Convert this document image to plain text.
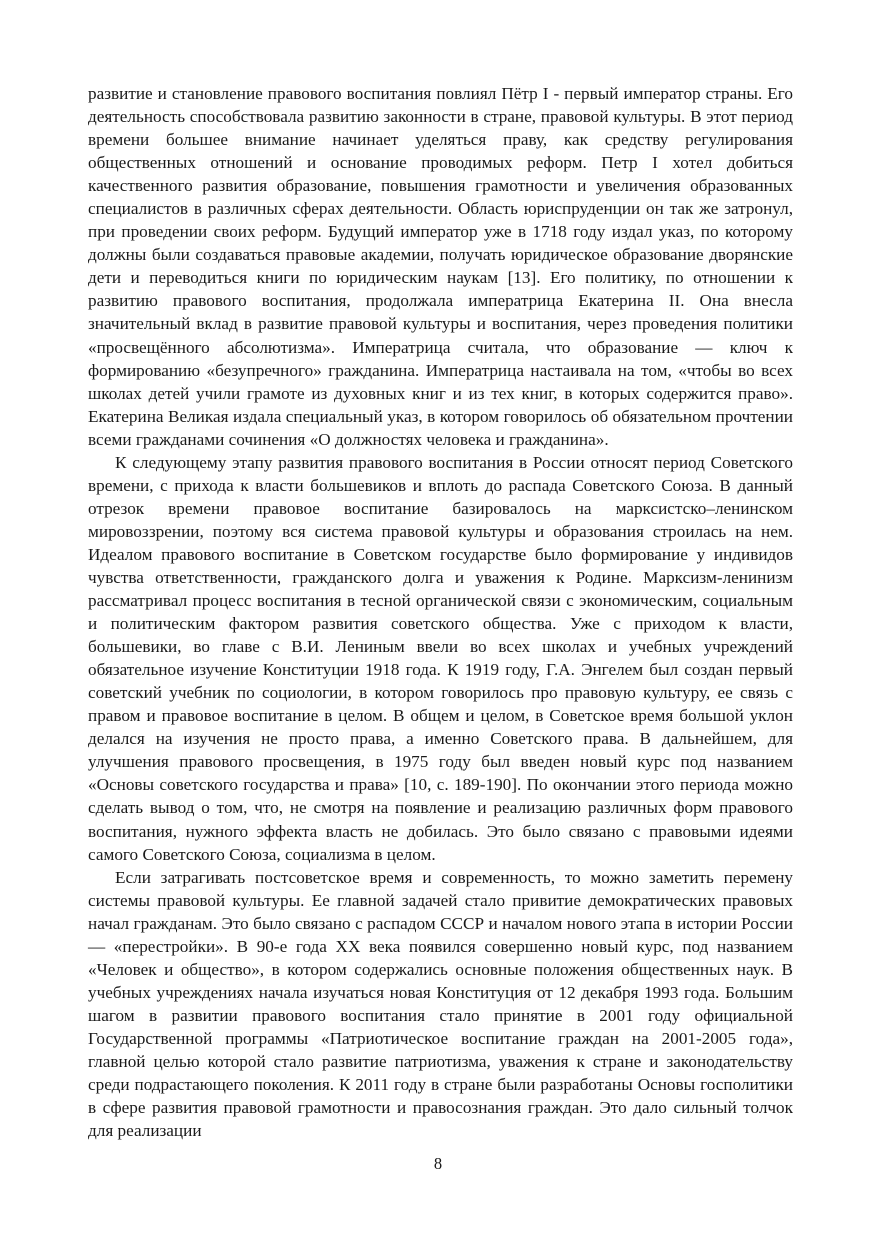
развитие и становление правового воспитания повлиял Пётр I - первый император страны. Его деятельность способствовала развитию законности в стране, правовой культуры. В этот период времени большее внимание начинает уделяться праву, как средству регулирования общественных отношений и основание проводимых реформ. Петр I хотел добиться качественного развития образование, повышения грамотности и увеличения образованных специалистов в различных сферах деятельности. Область юриспруденции он так же затронул, при проведении своих реформ. Будущий император уже в 1718 году издал указ, по которому должны были создаваться правовые академии, получать юридическое образование дворянские дети и переводиться книги по юридическим наукам [13]. Его политику, по отношении к развитию правового воспитания, продолжала императрица Екатерина II. Она внесла значительный вклад в развитие правовой культуры и воспитания, через проведения политики «просвещённого абсолютизма». Императрица считала, что образование — ключ к формированию «безупречного» гражданина. Императрица настаивала на том, «чтобы во всех школах детей учили грамоте из духовных книг и из тех книг, в которых содержится право». Екатерина Великая издала специальный указ, в котором говорилось об обязательном прочтении всеми гражданами сочинения «О должностях человека и гражданина».

К следующему этапу развития правового воспитания в России относят период Советского времени, с прихода к власти большевиков и вплоть до распада Советского Союза. В данный отрезок времени правовое воспитание базировалось на марксистско–ленинском мировоззрении, поэтому вся система правовой культуры и образования строилась на нем. Идеалом правового воспитание в Советском государстве было формирование у индивидов чувства ответственности, гражданского долга и уважения к Родине. Марксизм-ленинизм рассматривал процесс воспитания в тесной органической связи с экономическим, социальным и политическим фактором развития советского общества. Уже с приходом к власти, большевики, во главе с В.И. Лениным ввели во всех школах и учебных учреждений обязательное изучение Конституции 1918 года. К 1919 году, Г.А. Энгелем был создан первый советский учебник по социологии, в котором говорилось про правовую культуру, ее связь с правом и правовое воспитание в целом. В общем и целом, в Советское время большой уклон делался на изучения не просто права, а именно Советского права. В дальнейшем, для улучшения правового просвещения, в 1975 году был введен новый курс под названием «Основы советского государства и права» [10, с. 189-190]. По окончании этого периода можно сделать вывод о том, что, не смотря на появление и реализацию различных форм правового воспитания, нужного эффекта власть не добилась. Это было связано с правовыми идеями самого Советского Союза, социализма в целом.

Если затрагивать постсоветское время и современность, то можно заметить перемену системы правовой культуры. Ее главной задачей стало привитие демократических правовых начал гражданам. Это было связано с распадом СССР и началом нового этапа в истории России — «перестройки». В 90-е года XX века появился совершенно новый курс, под названием «Человек и общество», в котором содержались основные положения общественных наук. В учебных учреждениях начала изучаться новая Конституция от 12 декабря 1993 года. Большим шагом в развитии правового воспитания стало принятие в 2001 году официальной Государственной программы «Патриотическое воспитание граждан на 2001-2005 года», главной целью которой стало развитие патриотизма, уважения к стране и законодательству среди подрастающего поколения. К 2011 году в стране были разработаны Основы госполитики в сфере развития правовой грамотности и правосознания граждан. Это дало сильный толчок для реализации

8
